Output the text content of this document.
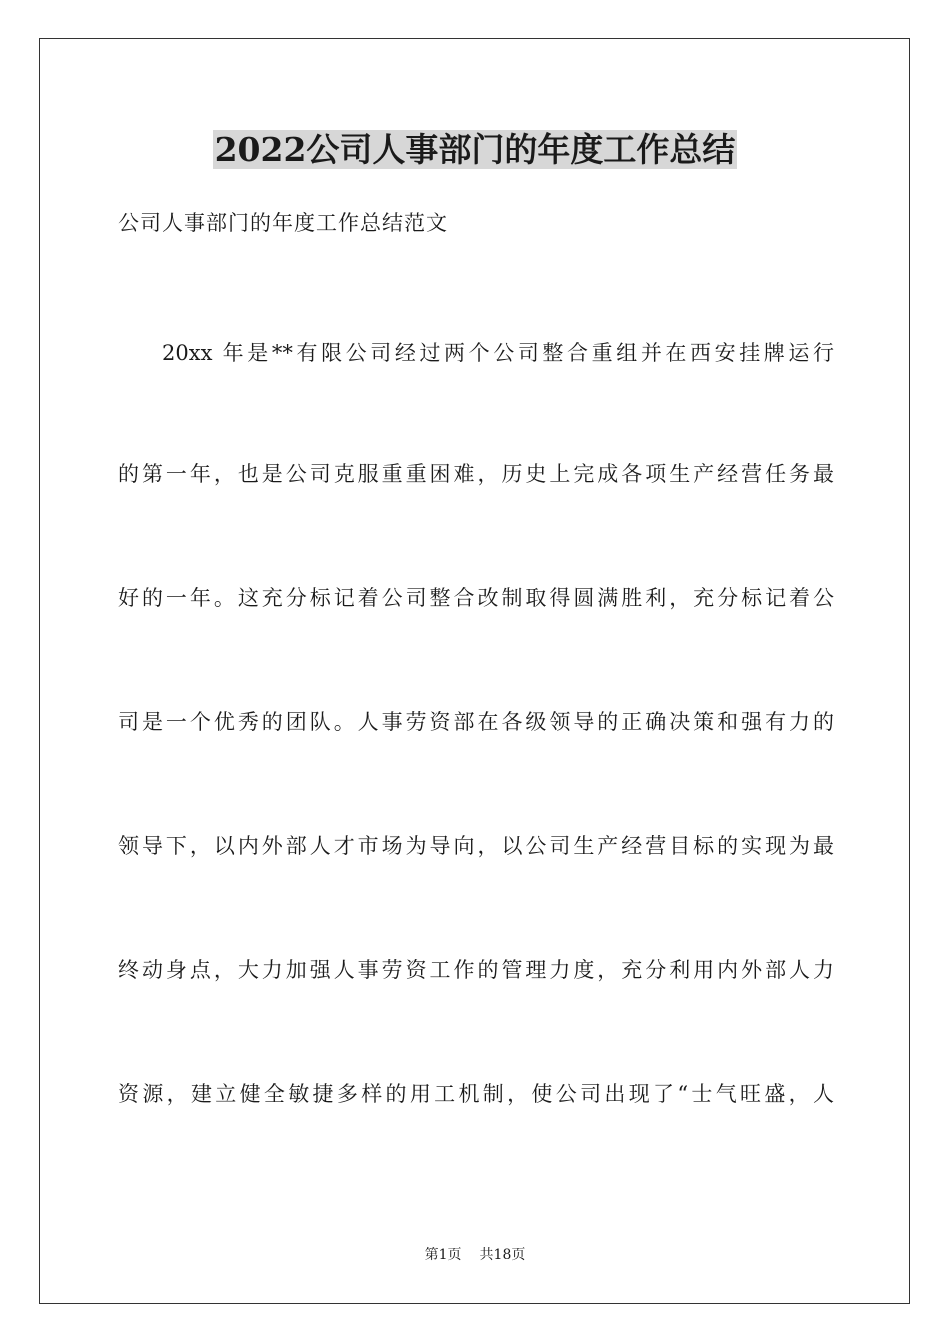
2022公司人事部门的年度工作总结
公司人事部门的年度工作总结范文
20xx 年是**有限公司经过两个公司整合重组并在西安挂牌运行
的第一年，也是公司克服重重困难，历史上完成各项生产经营任务最
好的一年。这充分标记着公司整合改制取得圆满胜利，充分标记着公
司是一个优秀的团队。人事劳资部在各级领导的正确决策和强有力的
领导下，以内外部人才市场为导向，以公司生产经营目标的实现为最
终动身点，大力加强人事劳资工作的管理力度，充分利用内外部人力
资源，建立健全敏捷多样的用工机制，使公司出现了“士气旺盛，人
第1页 共18页
